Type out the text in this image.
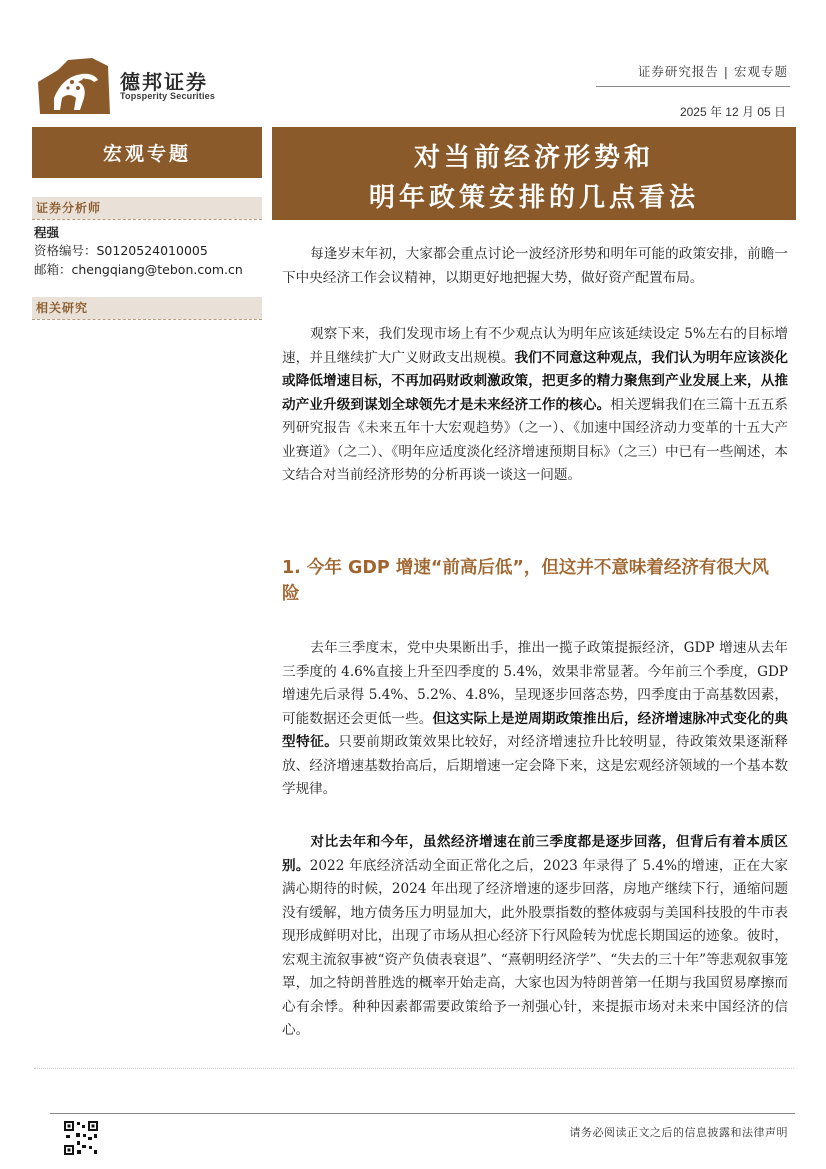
德邦证券
Topsperity Securities
证券研究报告 | 宏观专题
2025 年 12 月 05 日
宏观专题	对当前经济形势和
明年政策安排的几点看法
证券分析师
程强
资格编号：S0120524010005
邮箱：chengqiang@tebon.com.cn
相关研究
每逢岁末年初，大家都会重点讨论一波经济形势和明年可能的政策安排，前瞻一下中央经济工作会议精神，以期更好地把握大势，做好资产配置布局。
观察下来，我们发现市场上有不少观点认为明年应该延续设定 5%左右的目标增速，并且继续扩大广义财政支出规模。我们不同意这种观点，我们认为明年应该淡化或降低增速目标，不再加码财政刺激政策，把更多的精力聚焦到产业发展上来，从推动产业升级到谋划全球领先才是未来经济工作的核心。相关逻辑我们在三篇十五五系列研究报告《未来五年十大宏观趋势》（之一）、《加速中国经济动力变革的十五大产业赛道》（之二）、《明年应适度淡化经济增速预期目标》（之三）中已有一些阐述，本文结合对当前经济形势的分析再谈一谈这一问题。
1. 今年 GDP 增速“前高后低”，但这并不意味着经济有很大风险
去年三季度末，党中央果断出手，推出一揽子政策提振经济，GDP 增速从去年三季度的 4.6%直接上升至四季度的 5.4%，效果非常显著。今年前三个季度，GDP 增速先后录得 5.4%、5.2%、4.8%，呈现逐步回落态势，四季度由于高基数因素，可能数据还会更低一些。但这实际上是逆周期政策推出后，经济增速脉冲式变化的典型特征。只要前期政策效果比较好，对经济增速拉升比较明显，待政策效果逐渐释放、经济增速基数抬高后，后期增速一定会降下来，这是宏观经济领域的一个基本数学规律。
对比去年和今年，虽然经济增速在前三季度都是逐步回落，但背后有着本质区别。2022 年底经济活动全面正常化之后，2023 年录得了 5.4%的增速，正在大家满心期待的时候，2024 年出现了经济增速的逐步回落，房地产继续下行，通缩问题没有缓解，地方债务压力明显加大，此外股票指数的整体疲弱与美国科技股的牛市表现形成鲜明对比，出现了市场从担心经济下行风险转为忧虑长期国运的迹象。彼时，宏观主流叙事被“资产负债表衰退”、“熹朝明经济学”、“失去的三十年”等悲观叙事笼罩，加之特朗普胜选的概率开始走高，大家也因为特朗普第一任期与我国贸易摩擦而心有余悸。种种因素都需要政策给予一剂强心针，来提振市场对未来中国经济的信心。
请务必阅读正文之后的信息披露和法律声明
